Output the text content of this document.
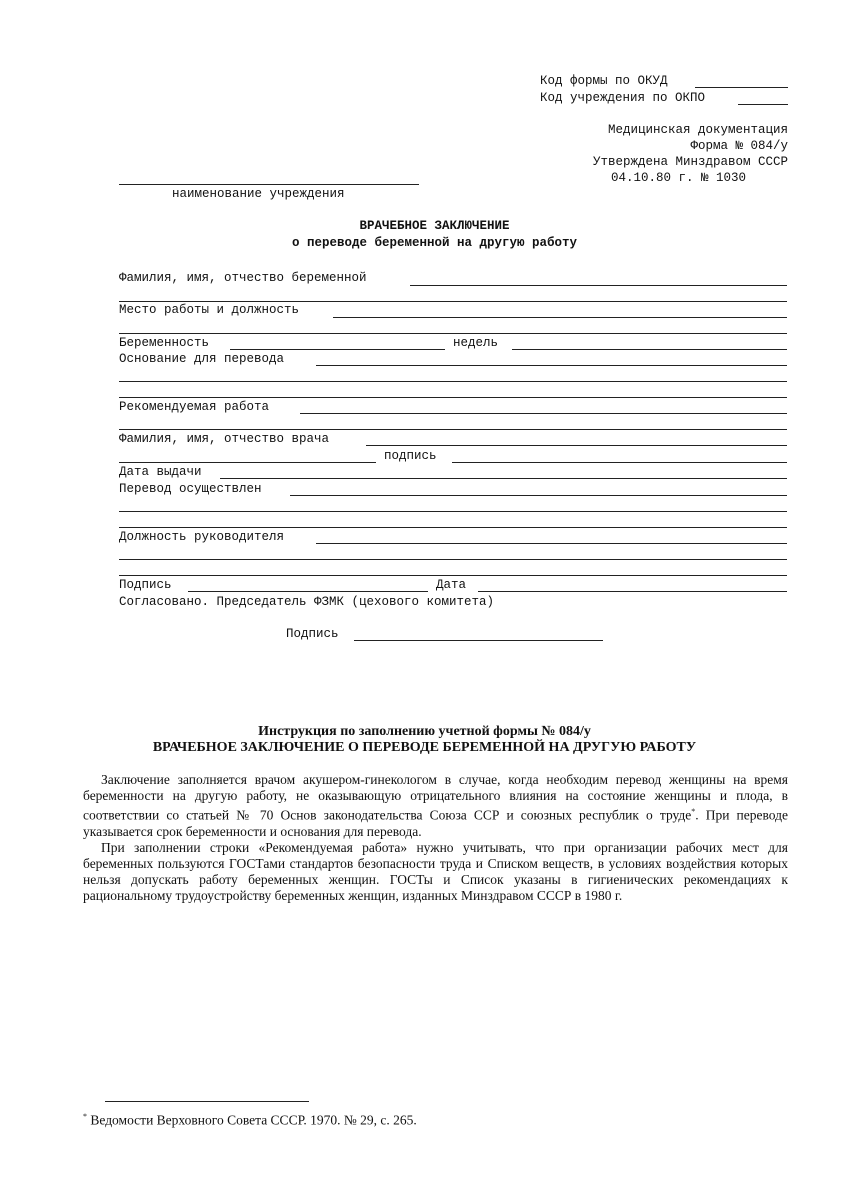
Код формы по ОКУД
Код учреждения по ОКПО
Медицинская документация
Форма № 084/у
Утверждена Минздравом СССР
04.10.80 г. № 1030
наименование учреждения
ВРАЧЕБНОЕ ЗАКЛЮЧЕНИЕ
о переводе беременной на другую работу
Фамилия, имя, отчество беременной
Место работы и должность
Беременность	недель
Основание для перевода
Рекомендуемая работа
Фамилия, имя, отчество врача
подпись
Дата выдачи
Перевод осуществлен
Должность руководителя
Подпись	Дата
Согласовано. Председатель ФЗМК (цехового комитета)
Подпись
Инструкция по заполнению учетной формы № 084/у
ВРАЧЕБНОЕ ЗАКЛЮЧЕНИЕ О ПЕРЕВОДЕ БЕРЕМЕННОЙ НА ДРУГУЮ РАБОТУ

Заключение заполняется врачом акушером-гинекологом в случае, когда необходим перевод женщины на время беременности на другую работу, не оказывающую отрицательного влияния на состояние женщины и плода, в соответствии со статьей № 70 Основ законодательства Союза ССР и союзных республик о труде*. При переводе указывается срок беременности и основания для перевода.

При заполнении строки «Рекомендуемая работа» нужно учитывать, что при организации рабочих мест для беременных пользуются ГОСТами стандартов безопасности труда и Списком веществ, в условиях воздействия которых нельзя допускать работу беременных женщин. ГОСТы и Список указаны в гигиенических рекомендациях к рациональному трудоустройству беременных женщин, изданных Минздравом СССР в 1980 г.

* Ведомости Верховного Совета СССР. 1970. № 29, с. 265.
